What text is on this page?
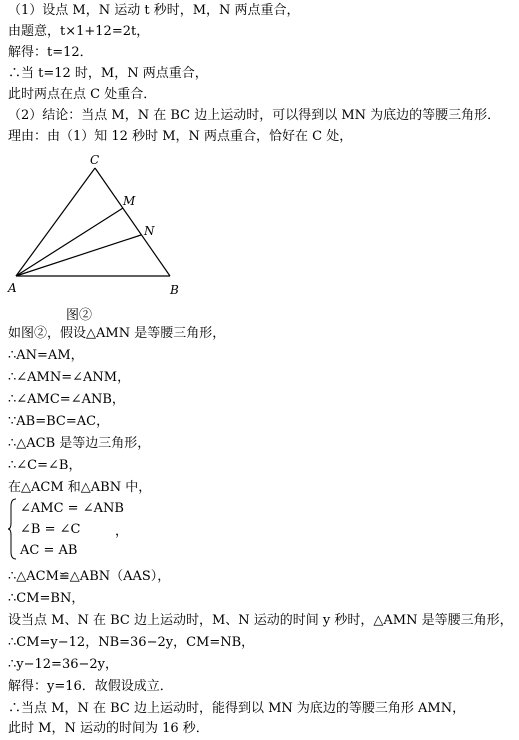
（1）设点 M，N 运动 t 秒时，M，N 两点重合，
由题意，t×1+12=2t，
解得：t=12．
∴当 t=12 时，M，N 两点重合，
此时两点在点 C 处重合．
（2）结论：当点 M，N 在 BC 边上运动时，可以得到以 MN 为底边的等腰三角形．
理由：由（1）知 12 秒时 M，N 两点重合，恰好在 C 处，
C
M
N
A	B
图②
如图②，假设△AMN 是等腰三角形，
∴AN=AM，
∴∠AMN=∠ANM，
∴∠AMC=∠ANB，
∵AB=BC=AC，
∴△ACB 是等边三角形，
∴∠C=∠B，
在△ACM 和△ABN 中，
∠AMC = ∠ANB
∠B = ∠C
AC = AB
，
∴△ACM≌△ABN（AAS），
∴CM=BN，
设当点 M、N 在 BC 边上运动时，M、N 运动的时间 y 秒时，△AMN 是等腰三角形，
∴CM=y−12，NB=36−2y，CM=NB，
∴y−12=36−2y，
解得：y=16．故假设成立．
∴当点 M，N 在 BC 边上运动时，能得到以 MN 为底边的等腰三角形 AMN，
此时 M，N 运动的时间为 16 秒．
